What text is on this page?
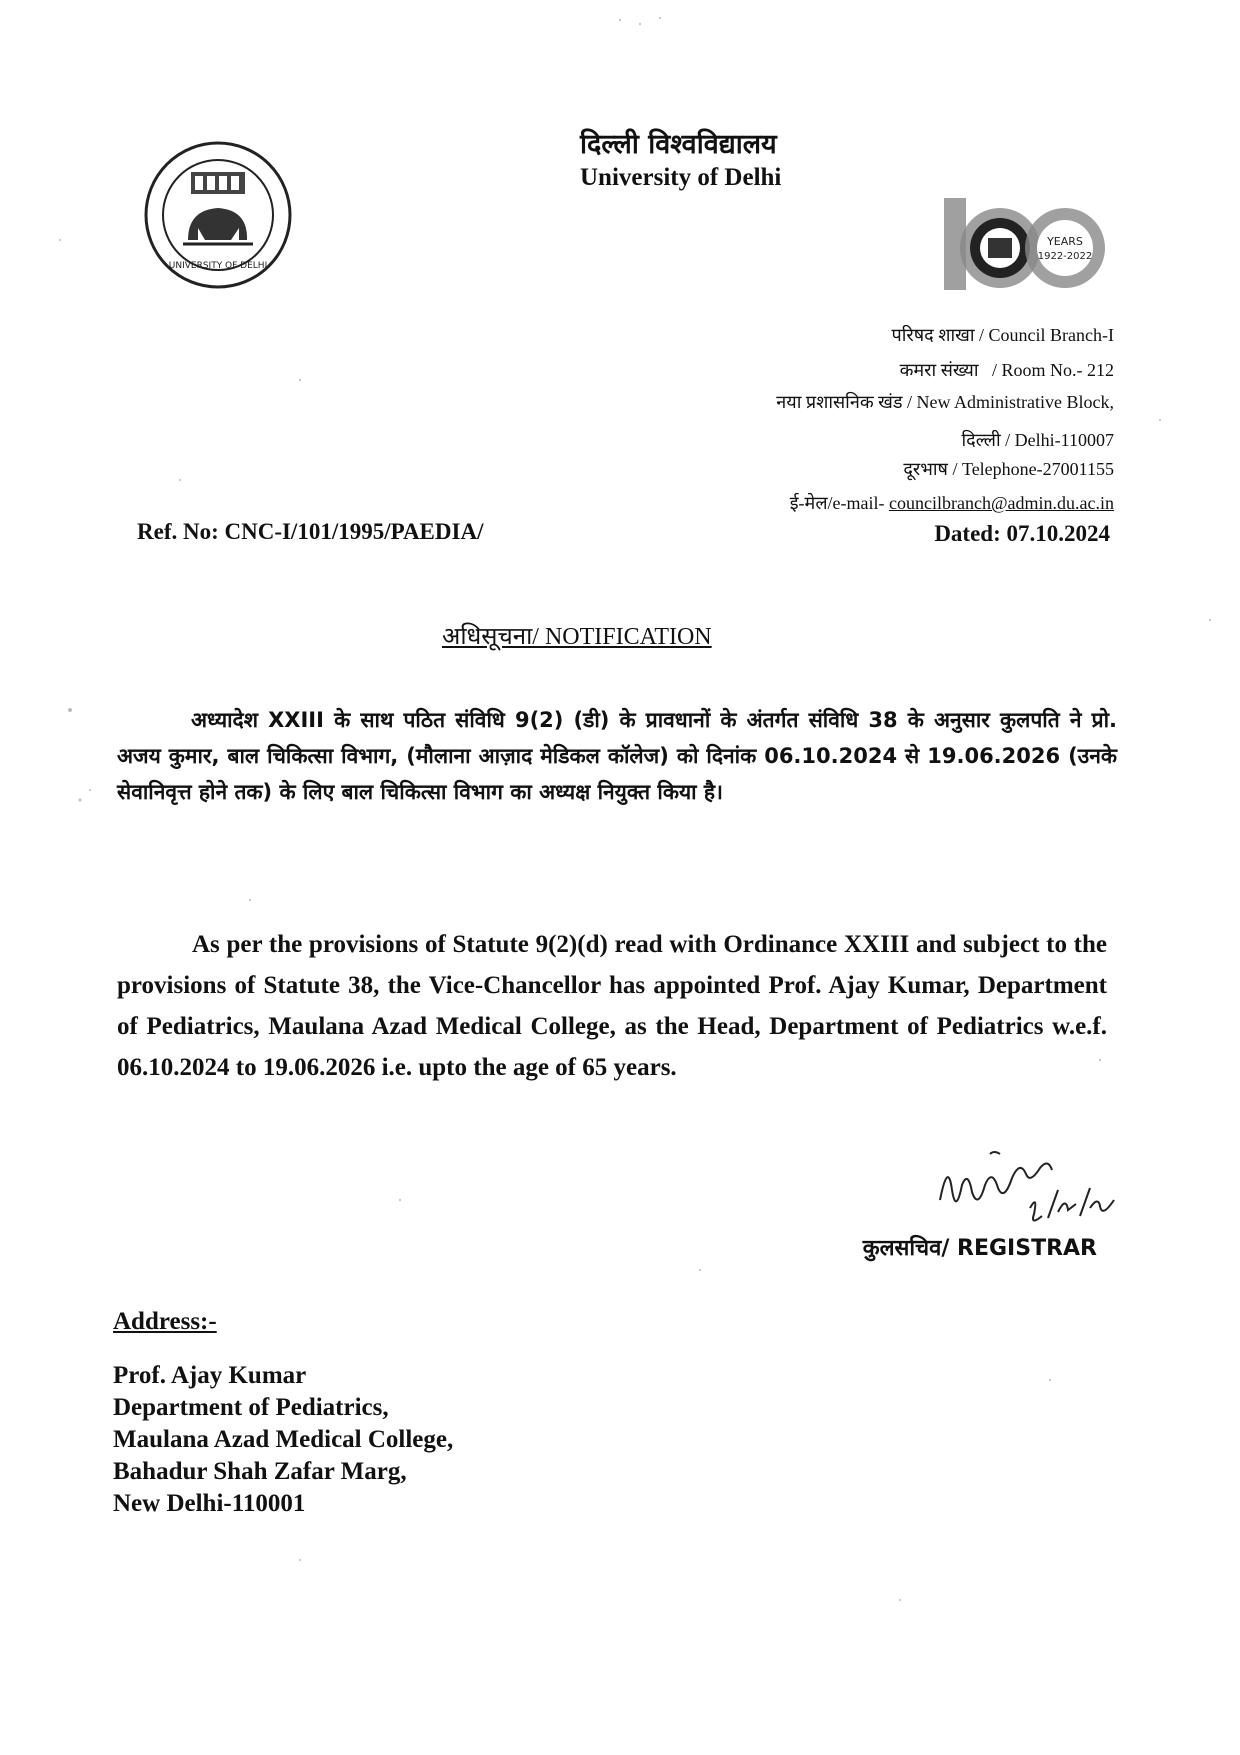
UNIVERSITY OF DELHI
YEARS
1922-2022
दिल्ली विश्वविद्यालय
University of Delhi
परिषद शाखा / Council Branch-I
कमरा संख्या   / Room No.- 212
नया प्रशासनिक खंड / New Administrative Block,
दिल्ली / Delhi-110007
दूरभाष / Telephone-27001155
ई-मेल/e-mail- councilbranch@admin.du.ac.in
Ref. No: CNC-I/101/1995/PAEDIA/	Dated: 07.10.2024
अधिसूचना/ NOTIFICATION
अध्यादेश XXIII के साथ पठित संविधि 9(2) (डी) के प्रावधानों के अंतर्गत संविधि 38 के अनुसार कुलपति ने प्रो. अजय कुमार, बाल चिकित्सा विभाग, (मौलाना आज़ाद मेडिकल कॉलेज) को दिनांक 06.10.2024 से 19.06.2026 (उनके सेवानिवृत्त होने तक) के लिए बाल चिकित्सा विभाग का अध्यक्ष नियुक्त किया है।
As per the provisions of Statute 9(2)(d) read with Ordinance XXIII and subject to the provisions of Statute 38, the Vice-Chancellor has appointed Prof. Ajay Kumar, Department of Pediatrics, Maulana Azad Medical College, as the Head, Department of Pediatrics w.e.f. 06.10.2024 to 19.06.2026 i.e. upto the age of 65 years.
कुलसचिव/ REGISTRAR
Address:-
Prof. Ajay Kumar
Department of Pediatrics,
Maulana Azad Medical College,
Bahadur Shah Zafar Marg,
New Delhi-110001
